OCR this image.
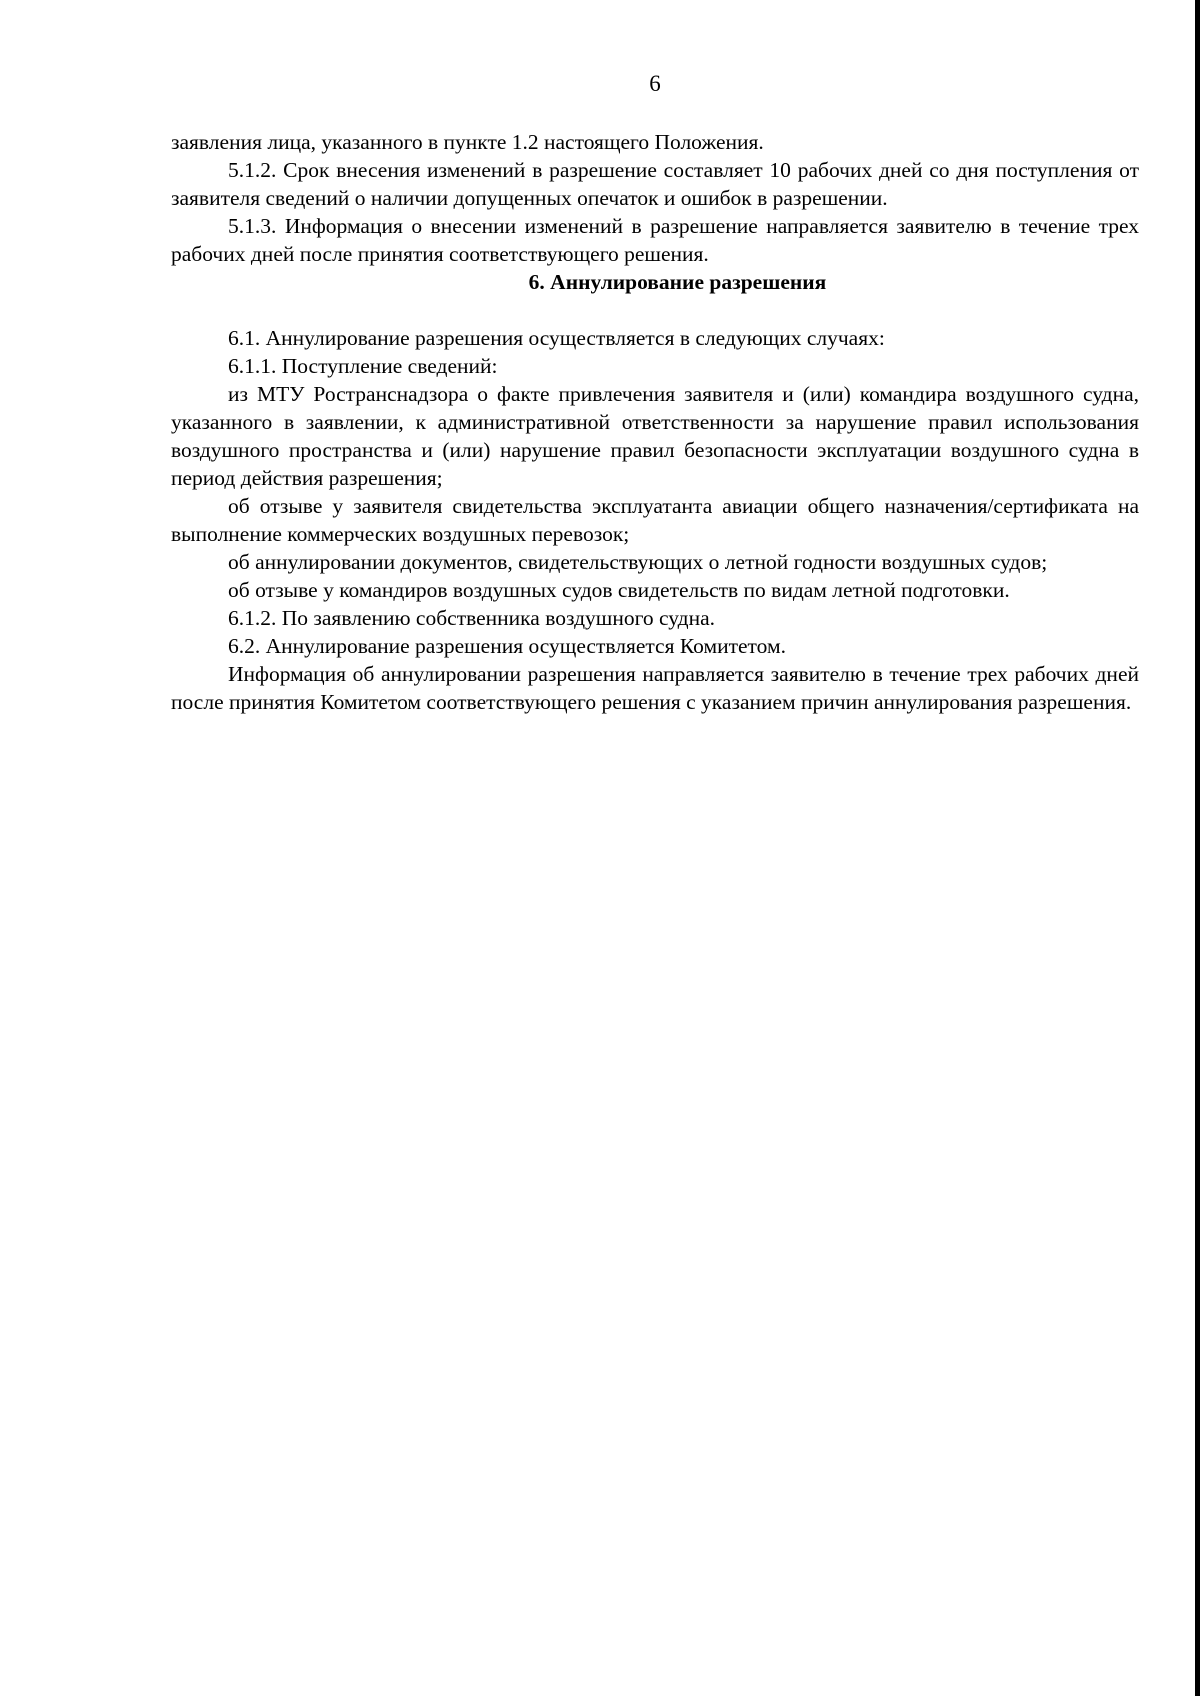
6

заявления лица, указанного в пункте 1.2 настоящего Положения.

5.1.2. Срок внесения изменений в разрешение составляет 10 рабочих дней со дня поступления от заявителя сведений о наличии допущенных опечаток и ошибок в разрешении.

5.1.3. Информация о внесении изменений в разрешение направляется заявителю в течение трех рабочих дней после принятия соответствующего решения.

6. Аннулирование разрешения

6.1. Аннулирование разрешения осуществляется в следующих случаях:

6.1.1. Поступление сведений:

из МТУ Ространснадзора о факте привлечения заявителя и (или) командира воздушного судна, указанного в заявлении, к административной ответственности за нарушение правил использования воздушного пространства и (или) нарушение правил безопасности эксплуатации воздушного судна в период действия разрешения;

об отзыве у заявителя свидетельства эксплуатанта авиации общего назначения/сертификата на выполнение коммерческих воздушных перевозок;

об аннулировании документов, свидетельствующих о летной годности воздушных судов;

об отзыве у командиров воздушных судов свидетельств по видам летной подготовки.

6.1.2. По заявлению собственника воздушного судна.

6.2. Аннулирование разрешения осуществляется Комитетом.

Информация об аннулировании разрешения направляется заявителю в течение трех рабочих дней после принятия Комитетом соответствующего решения с указанием причин аннулирования разрешения.
